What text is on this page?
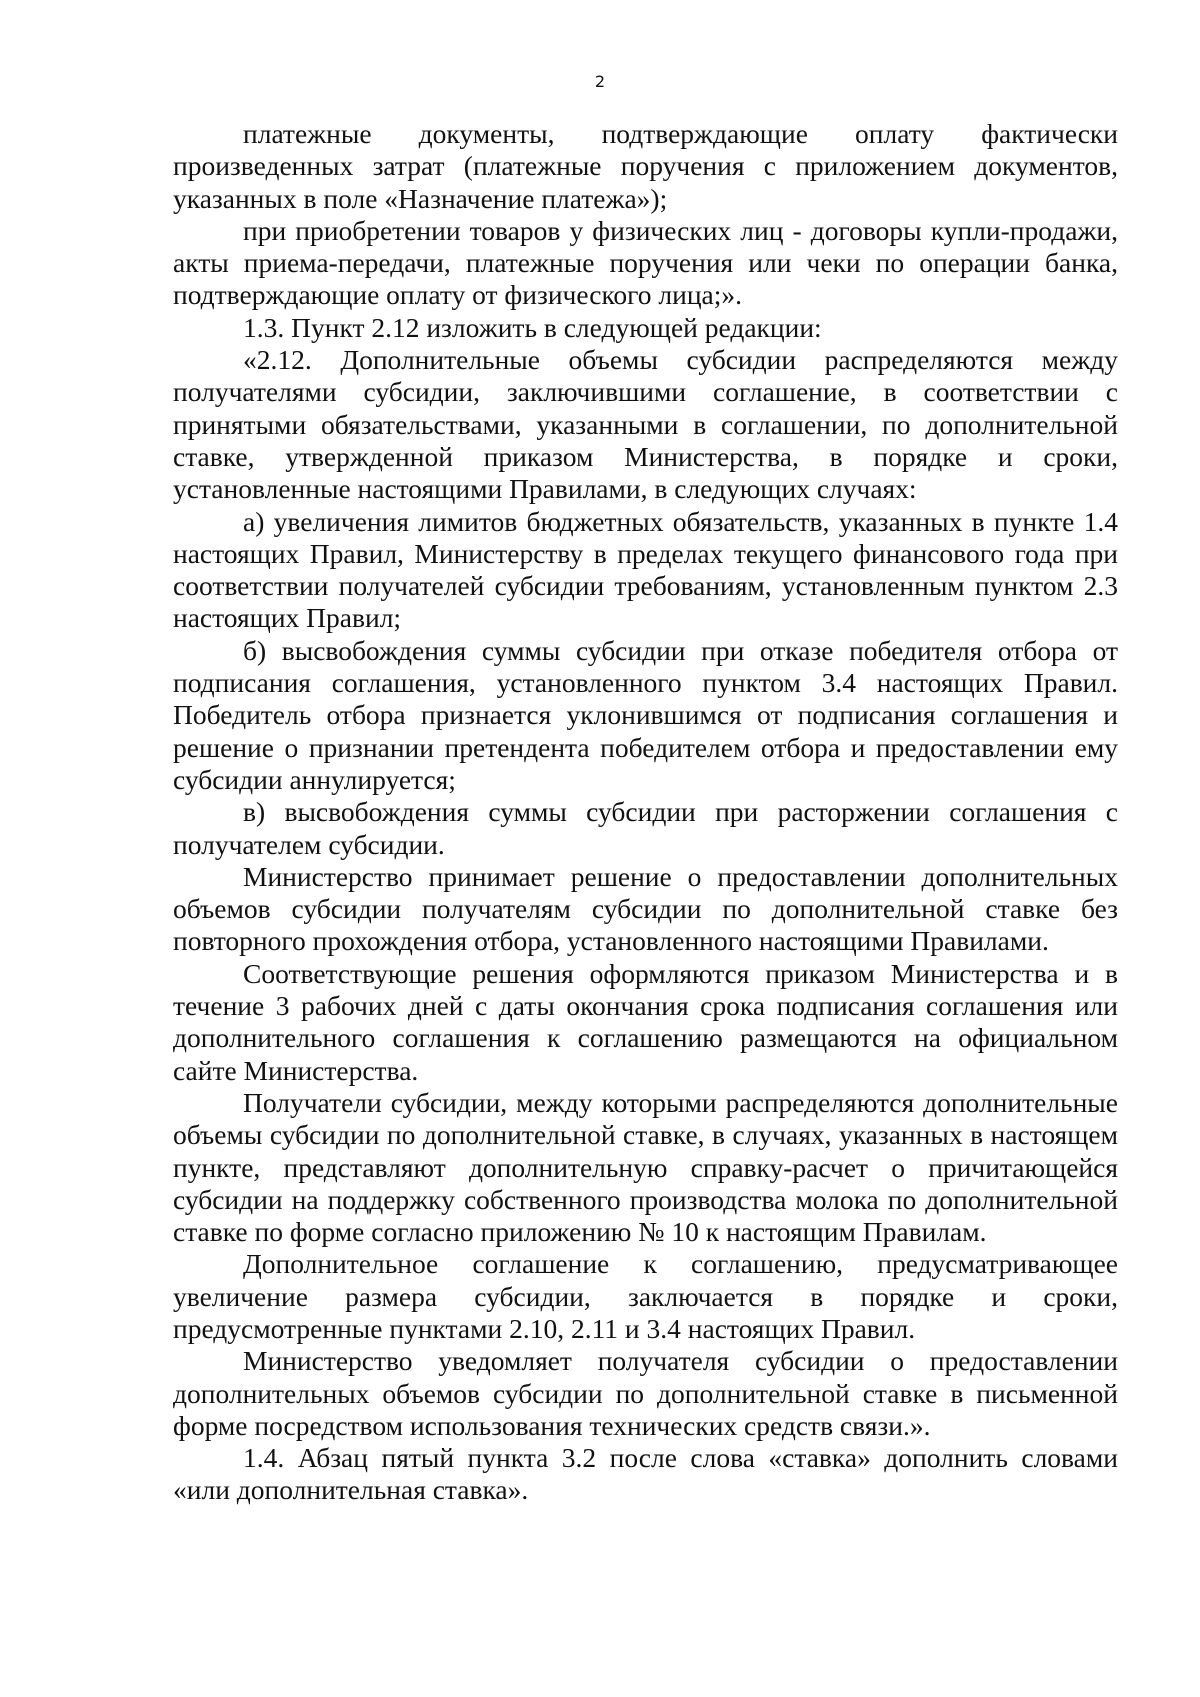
2

платежные документы, подтверждающие оплату фактически произведенных затрат (платежные поручения с приложением документов, указанных в поле «Назначение платежа»);

при приобретении товаров у физических лиц - договоры купли-продажи, акты приема-передачи, платежные поручения или чеки по операции банка, подтверждающие оплату от физического лица;».

1.3. Пункт 2.12 изложить в следующей редакции:

«2.12. Дополнительные объемы субсидии распределяются между получателями субсидии, заключившими соглашение, в соответствии с принятыми обязательствами, указанными в соглашении, по дополнительной ставке, утвержденной приказом Министерства, в порядке и сроки, установленные настоящими Правилами, в следующих случаях:

а) увеличения лимитов бюджетных обязательств, указанных в пункте 1.4 настоящих Правил, Министерству в пределах текущего финансового года при соответствии получателей субсидии требованиям, установленным пунктом 2.3 настоящих Правил;

б) высвобождения суммы субсидии при отказе победителя отбора от подписания соглашения, установленного пунктом 3.4 настоящих Правил. Победитель отбора признается уклонившимся от подписания соглашения и решение о признании претендента победителем отбора и предоставлении ему субсидии аннулируется;

в) высвобождения суммы субсидии при расторжении соглашения с получателем субсидии.

Министерство принимает решение о предоставлении дополнительных объемов субсидии получателям субсидии по дополнительной ставке без повторного прохождения отбора, установленного настоящими Правилами.

Соответствующие решения оформляются приказом Министерства и в течение 3 рабочих дней с даты окончания срока подписания соглашения или дополнительного соглашения к соглашению размещаются на официальном сайте Министерства.

Получатели субсидии, между которыми распределяются дополнительные объемы субсидии по дополнительной ставке, в случаях, указанных в настоящем пункте, представляют дополнительную справку-расчет о причитающейся субсидии на поддержку собственного производства молока по дополнительной ставке по форме согласно приложению № 10 к настоящим Правилам.

Дополнительное соглашение к соглашению, предусматривающее увеличение размера субсидии, заключается в порядке и сроки, предусмотренные пунктами 2.10, 2.11 и 3.4 настоящих Правил.

Министерство уведомляет получателя субсидии о предоставлении дополнительных объемов субсидии по дополнительной ставке в письменной форме посредством использования технических средств связи.».

1.4. Абзац пятый пункта 3.2 после слова «ставка» дополнить словами «или дополнительная ставка».
